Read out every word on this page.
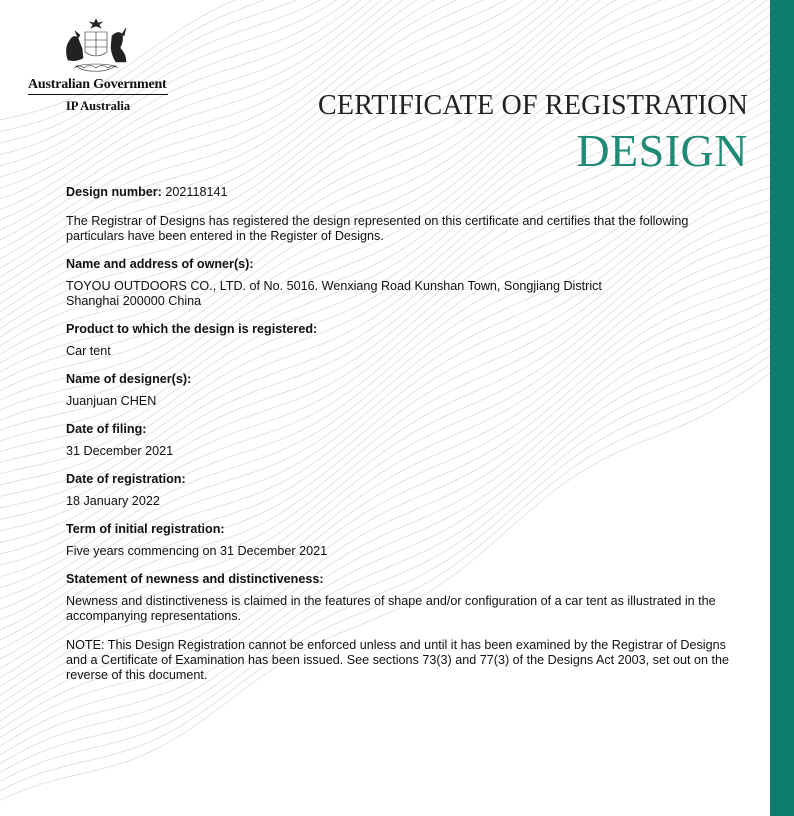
Australian Government
IP Australia	CERTIFICATE OF REGISTRATION
DESIGN
Design number: 202118141
The Registrar of Designs has registered the design represented on this certificate and certifies that the following particulars have been entered in the Register of Designs.
Name and address of owner(s):
TOYOU OUTDOORS CO., LTD. of No. 5016. Wenxiang Road Kunshan Town, Songjiang District
Shanghai 200000 China
Product to which the design is registered:
Car tent
Name of designer(s):
Juanjuan CHEN
Date of filing:
31 December 2021
Date of registration:
18 January 2022
Term of initial registration:
Five years commencing on 31 December 2021
Statement of newness and distinctiveness:
Newness and distinctiveness is claimed in the features of shape and/or configuration of a car tent as illustrated in the accompanying representations.
NOTE: This Design Registration cannot be enforced unless and until it has been examined by the Registrar of Designs and a Certificate of Examination has been issued. See sections 73(3) and 77(3) of the Designs Act 2003, set out on the reverse of this document.
